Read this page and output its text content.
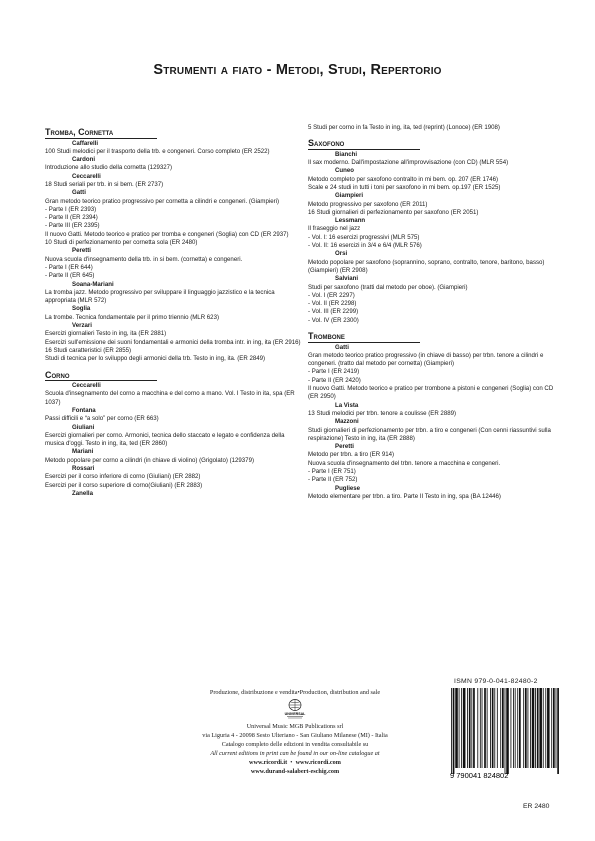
Strumenti a fiato - Metodi, Studi, Repertorio
Tromba, Cornetta
Caffarelli
100 Studi melodici per il trasporto della trb. e congeneri. Corso completo (ER 2522)
Cardoni
Introduzione allo studio della cornetta (129327)
Ceccarelli
18 Studi seriali per trb. in si bem. (ER 2737)
Gatti
Gran metodo teorico pratico progressivo per cornetta a cilindri e congeneri. (Giampieri)
- Parte I (ER 2393)
- Parte II (ER 2394)
- Parte III (ER 2395)
Il nuovo Gatti. Metodo teorico e pratico per tromba e congeneri (Soglia) con CD (ER 2937)
10 Studi di perfezionamento per cornetta sola (ER 2480)
Peretti
Nuova scuola d'insegnamento della trb. in si bem. (cornetta) e congeneri.
- Parte I (ER 644)
- Parte II (ER 645)
Soana-Mariani
La tromba jazz. Metodo progressivo per sviluppare il linguaggio jazzistico e la tecnica appropriata (MLR 572)
Soglia
La trombe. Tecnica fondamentale per il primo triennio (MLR 623)
Verzari
Esercizi giornalieri Testo in ing, ita (ER 2881)
Esercizi sull'emissione dei suoni fondamentali e armonici della tromba intr. in ing, ita (ER 2916)
16 Studi caratteristici (ER 2855)
Studi di tecnica per lo sviluppo degli armonici della trb. Testo in ing, ita. (ER 2849)
Corno
Ceccarelli
Scuola d'insegnamento del corno a macchina e del corno a mano. Vol. I Testo in ita, spa (ER 1037)
Fontana
Passi difficili e “a solo” per corno (ER 663)
Giuliani
Esercizi giornalieri per corno. Armonici, tecnica dello staccato e legato e confidenza della musica d'oggi. Testo in ing, ita, ted (ER 2860)
Mariani
Metodo popolare per corno a cilindri (in chiave di violino) (Grigolato) (129379)
Rossari
Esercizi per il corso inferiore di corno (Giuliani) (ER 2882)
Esercizi per il corso superiore di corno(Giuliani) (ER 2883)
Zanella
5 Studi per corno in fa Testo in ing, ita, ted (reprint) (Lonoce) (ER 1908)
Saxofono
Bianchi
Il sax moderno. Dall'impostazione all'improvvisazione (con CD) (MLR 554)
Cuneo
Metodo completo per saxofono contralto in mi bem. op. 207 (ER 1746)
Scale e 24 studi in tutti i toni per saxofono in mi bem. op.197 (ER 1525)
Giampieri
Metodo progressivo per saxofono (ER 2011)
16 Studi giornalieri di perfezionamento per saxofono (ER 2051)
Lessmann
Il fraseggio nel jazz
- Vol. I: 16 esercizi progressivi (MLR 575)
- Vol. II: 16 esercizi in 3/4 e 6/4 (MLR 576)
Orsi
Metodo popolare per saxofono (soprannino, soprano, contralto, tenore, baritono, basso) (Giampieri) (ER 2908)
Salviani
Studi per saxofono (tratti dal metodo per oboe). (Giampieri)
- Vol. I (ER 2297)
- Vol. II (ER 2298)
- Vol. III (ER 2299)
- Vol. IV (ER 2300)
Trombone
Gatti
Gran metodo teorico pratico progressivo (in chiave di basso) per trbn. tenore a cilindri e congeneri. (tratto dal metodo per cornetta) (Giampieri)
- Parte I (ER 2419)
- Parte II (ER 2420)
Il nuovo Gatti. Metodo teorico e pratico per trombone a pistoni e congeneri (Soglia) con CD (ER 2950)
La Vista
13 Studi melodici per trbn. tenore a coulisse (ER 2889)
Mazzoni
Studi giornalieri di perfezionamento per trbn. a tiro e congeneri (Con cenni riassuntivi sulla respirazione) Testo in ing, ita (ER 2888)
Peretti
Metodo per trbn. a tiro (ER 914)
Nuova scuola d'insegnamento del trbn. tenore a macchina e congeneri.
- Parte I (ER 751)
- Parte II (ER 752)
Pugliese
Metodo elementare per trbn. a tiro. Parte II Testo in ing, spa (BA 12446)
Produzione, distribuzione e vendita•Production, distribution and sale
UNIVERSAL
Universal Music MGB Publications srl
via Liguria 4 - 20098 Sesto Ulteriano - San Giuliano Milanese (MI) - Italia
Catalogo completo delle edizioni in vendita consultabile su
All current editions in print can be found in our on-line catalogue at
www.ricordi.it  •  www.ricordi.com
www.durand-salabert-eschig.com
ISMN 979-0-041-82480-2
9 790041 824802
ER 2480
